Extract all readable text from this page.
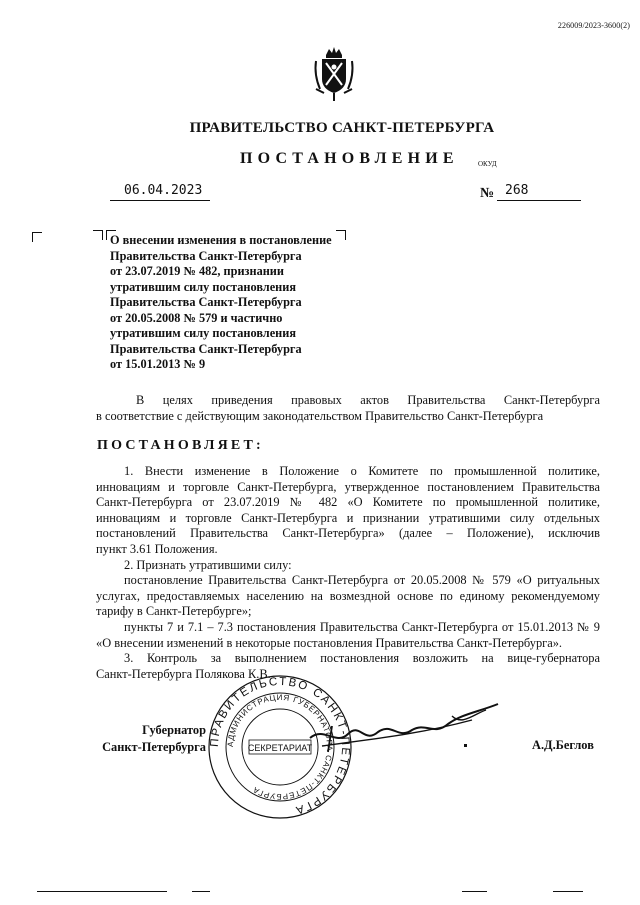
226009/2023-3600(2)
ПРАВИТЕЛЬСТВО САНКТ-ПЕТЕРБУРГА
ПОСТАНОВЛЕНИЕ	ОКУД
06.04.2023	№ 268
О внесении изменения в постановление
Правительства Санкт-Петербурга
от 23.07.2019 № 482, признании
утратившим силу постановления
Правительства Санкт-Петербурга
от 20.05.2008 № 579 и частично
утратившим силу постановления
Правительства Санкт-Петербурга
от 15.01.2013 № 9
В целях приведения правовых актов Правительства Санкт-Петербурга
в соответствие с действующим законодательством Правительство Санкт-Петербурга
ПОСТАНОВЛЯЕТ:
1. Внести изменение в Положение о Комитете по промышленной политике,
инновациям и торговле Санкт-Петербурга, утвержденное постановлением Правительства
Санкт-Петербурга от 23.07.2019 № 482 «О Комитете по промышленной политике,
инновациям и торговле Санкт-Петербурга и признании утратившими силу отдельных
постановлений Правительства Санкт-Петербурга» (далее – Положение), исключив
пункт 3.61 Положения.
2. Признать утратившими силу:
постановление Правительства Санкт-Петербурга от 20.05.2008 № 579 «О ритуальных
услугах, предоставляемых населению на возмездной основе по единому рекомендуемому
тарифу в Санкт-Петербурге»;
пункты 7 и 7.1 – 7.3 постановления Правительства Санкт-Петербурга от 15.01.2013 № 9
«О внесении изменений в некоторые постановления Правительства Санкт-Петербурга».
3. Контроль за выполнением постановления возложить на вице-губернатора
Санкт-Петербурга Полякова К.В.
ПРАВИТЕЛЬСТВО САНКТ-ПЕТЕРБУРГА
АДМИНИСТРАЦИЯ ГУБЕРНАТОРА САНКТ-ПЕТЕРБУРГА
СЕКРЕТАРИАТ
Губернатор
Санкт-Петербурга	А.Д.Беглов
